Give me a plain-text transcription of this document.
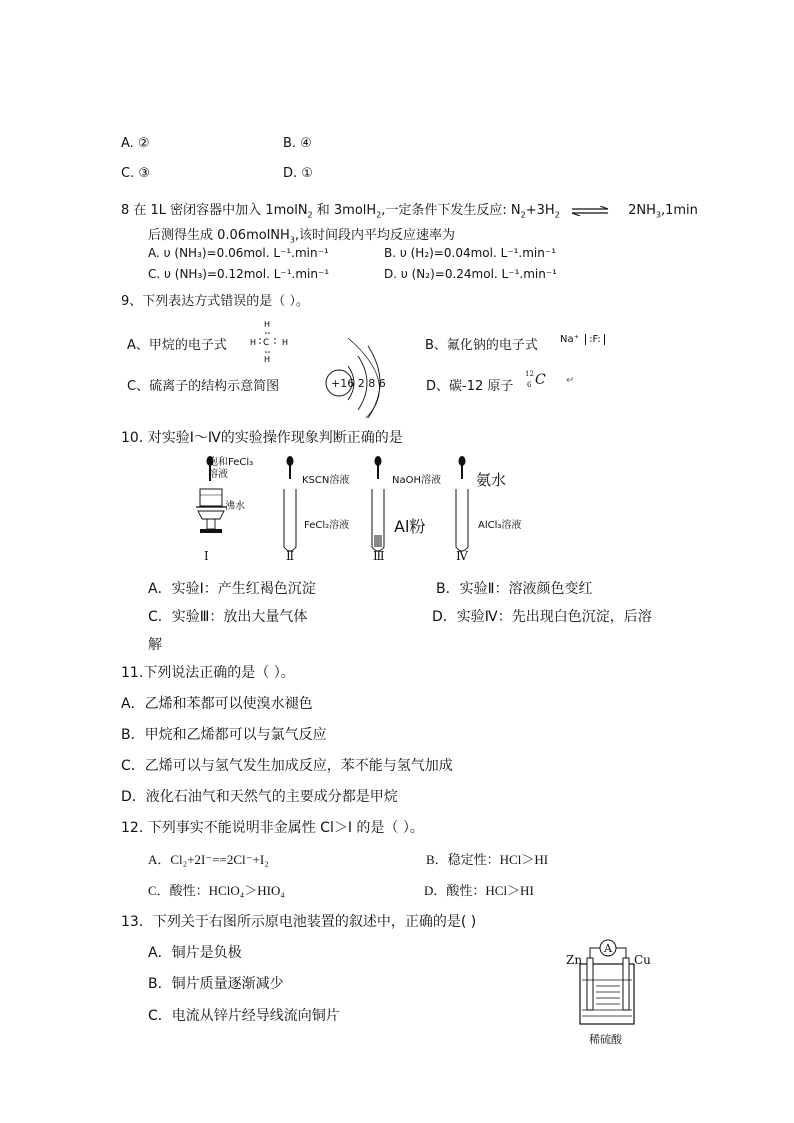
A. ②	B. ④
C. ③	D. ①
8 在 1L 密闭容器中加入 1molN$_2$ 和 3molH$_2$,一定条件下发生反应: $N_2+3H_2$ ⇌ $2NH_3,1\min$
后测得生成 0.06molNH$_3$,该时间段内平均反应速率为
A. υ (NH₃)=0.06mol. L⁻¹.min⁻¹	B. υ (H₂)=0.04mol. L⁻¹.min⁻¹
C. υ (NH₃)=0.12mol. L⁻¹.min⁻¹	D. υ (N₂)=0.24mol. L⁻¹.min⁻¹
9、下列表达方式错误的是（ ）。
A、甲烷的电子式
H
H C H
H
B、氟化钠的电子式 Na⁺ :F:
C、硫离子的结构示意简图	+16 2 8 6	D、碳-12 原子
12
6 C ↵
10. 对实验Ⅰ～Ⅳ的实验操作现象判断正确的是
饱和FeCl₃
溶液
沸水
KSCN溶液
FeCl₂溶液
NaOH溶液
Al粉
氨水
AlCl₃溶液
Ⅰ	Ⅱ	Ⅲ	Ⅳ
A．实验Ⅰ：产生红褐色沉淀	B．实验Ⅱ：溶液颜色变红
C．实验Ⅲ：放出大量气体	D．实验Ⅳ：先出现白色沉淀，后溶
解
11.下列说法正确的是（ ）。
A．乙烯和苯都可以使溴水褪色
B．甲烷和乙烯都可以与氯气反应
C．乙烯可以与氢气发生加成反应，苯不能与氢气加成
D．液化石油气和天然气的主要成分都是甲烷
12. 下列事实不能说明非金属性 Cl＞I 的是（ ）。
A．Cl₂+2I⁻==2Cl⁻+I₂	B．稳定性：HCl＞HI
C．酸性：HClO₄＞HIO₄	D．酸性：HCl＞HI
13．下列关于右图所示原电池装置的叙述中，正确的是( )
A．铜片是负极
B．铜片质量逐渐减少
C．电流从锌片经导线流向铜片
A
Zn	Cu
稀硫酸
